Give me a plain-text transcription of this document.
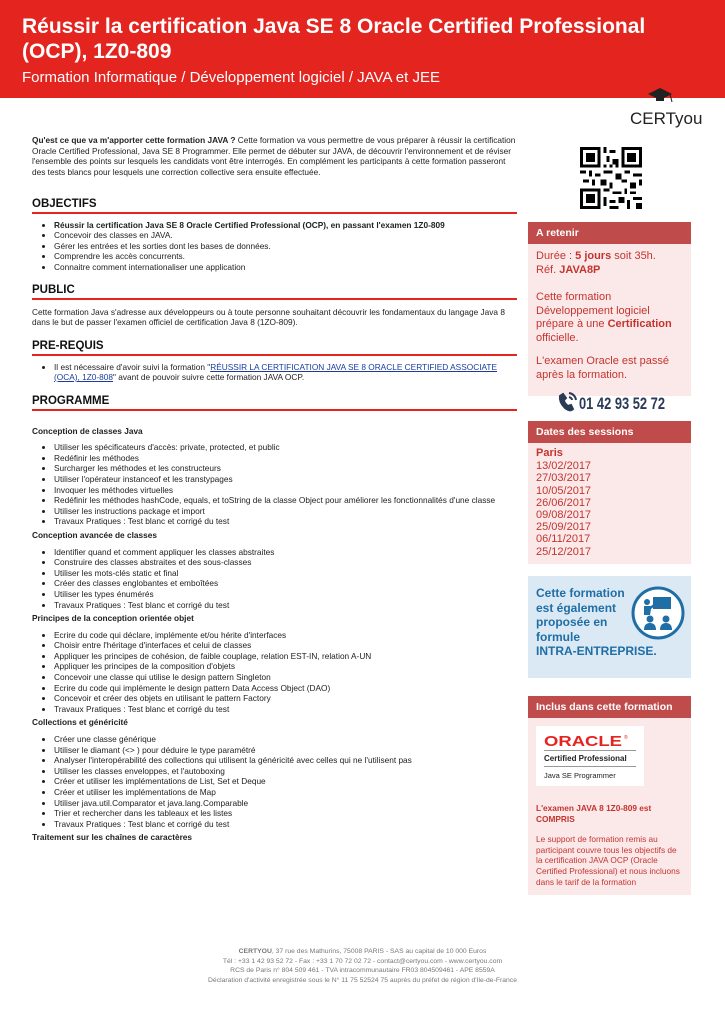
Réussir la certification Java SE 8 Oracle Certified Professional (OCP), 1Z0-809
Formation Informatique / Développement logiciel / JAVA et JEE
CERTyou
Qu'est ce que va m'apporter cette formation JAVA ? Cette formation va vous permettre de vous préparer à réussir la certification Oracle Certified Professional, Java SE 8 Programmer. Elle permet de débuter sur JAVA, de découvrir l'environnement et de réviser l'ensemble des points sur lesquels les candidats vont être interrogés. En complément les participants à cette formation passeront des tests blancs pour lesquels une correction collective sera ensuite effectuée.
OBJECTIFS
• Réussir la certification Java SE 8 Oracle Certified Professional (OCP), en passant l'examen 1Z0-809
• Concevoir des classes en JAVA.
• Gérer les entrées et les sorties dont les bases de données.
• Comprendre les accès concurrents.
• Connaitre comment internationaliser une application
PUBLIC
Cette formation Java s'adresse aux développeurs ou à toute personne souhaitant découvrir les fondamentaux du langage Java 8 dans le but de passer l'examen officiel de certification Java 8 (1ZO-809).
PRE-REQUIS
• Il est nécessaire d'avoir suivi la formation "RÉUSSIR LA CERTIFICATION JAVA SE 8 ORACLE CERTIFIED ASSOCIATE (OCA), 1Z0-808" avant de pouvoir suivre cette formation JAVA OCP.
PROGRAMME
Conception de classes Java
• Utiliser les spécificateurs d'accès: private, protected, et public
• Redéfinir les méthodes
• Surcharger les méthodes et les constructeurs
• Utiliser l'opérateur instanceof et les transtypages
• Invoquer les méthodes virtuelles
• Redéfinir les méthodes hashCode, equals, et toString de la classe Object pour améliorer les fonctionnalités d'une classe
• Utiliser les instructions package et import
• Travaux Pratiques : Test blanc et corrigé du test
Conception avancée de classes
• Identifier quand et comment appliquer les classes abstraites
• Construire des classes abstraites et des sous-classes
• Utiliser les mots-clés static et final
• Créer des classes englobantes et emboîtées
• Utiliser les types énumérés
• Travaux Pratiques : Test blanc et corrigé du test
Principes de la conception orientée objet
• Ecrire du code qui déclare, implémente et/ou hérite d'interfaces
• Choisir entre l'héritage d'interfaces et celui de classes
• Appliquer les principes de cohésion, de faible couplage, relation EST-IN, relation A-UN
• Appliquer les principes de la composition d'objets
• Concevoir une classe qui utilise le design pattern Singleton
• Ecrire du code qui implémente le design pattern Data Access Object (DAO)
• Concevoir et créer des objets en utilisant le pattern Factory
• Travaux Pratiques : Test blanc et corrigé du test
Collections et généricité
• Créer une classe générique
• Utiliser le diamant (<> ) pour déduire le type paramétré
• Analyser l'interopérabilité des collections qui utilisent la généricité avec celles qui ne l'utilisent pas
• Utiliser les classes enveloppes, et l'autoboxing
• Créer et utiliser les implémentations de List, Set et Deque
• Créer et utiliser les implémentations de Map
• Utiliser java.util.Comparator et java.lang.Comparable
• Trier et rechercher dans les tableaux et les listes
• Travaux Pratiques : Test blanc et corrigé du test
Traitement sur les chaînes de caractères
A retenir
Durée : 5 jours soit 35h.
Réf. JAVA8P
Cette formation Développement logiciel prépare à une Certification officielle.
L'examen Oracle est passé après la formation.
01 42 93 52 72
Dates des sessions
Paris
13/02/2017
27/03/2017
10/05/2017
26/06/2017
09/08/2017
25/09/2017
06/11/2017
25/12/2017
Cette formation est également proposée en formule
INTRA-ENTREPRISE.
Inclus dans cette formation
ORACLE ®
Certified Professional
Java SE Programmer
L'examen JAVA 8 1Z0-809 est COMPRIS
Le support de formation remis au participant couvre tous les objectifs de la certification JAVA OCP (Oracle Certified Professional) et nous incluons dans le tarif de la formation
CERTYOU, 37 rue des Mathurins, 75008 PARIS - SAS au capital de 10 000 Euros
Tél : +33 1 42 93 52 72 - Fax : +33 1 70 72 02 72 - contact@certyou.com - www.certyou.com
RCS de Paris n° 804 509 461 - TVA intracommunautaire FR03 804509461 - APE 8559A
Déclaration d'activité enregistrée sous le N° 11 75 52524 75 auprès du préfet de région d'Ile-de-France
